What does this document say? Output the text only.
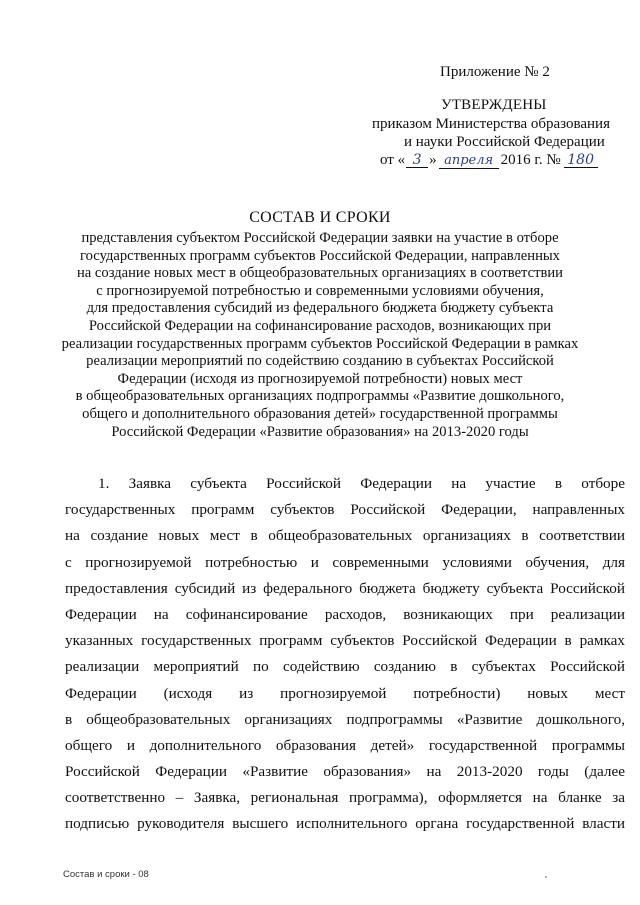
Приложение № 2
УТВЕРЖДЕНЫ
приказом Министерства образования
и науки Российской Федерации
от « 3 » апреля 2016 г. № 180
СОСТАВ И СРОКИ
представления субъектом Российской Федерации заявки на участие в отборе
государственных программ субъектов Российской Федерации, направленных
на создание новых мест в общеобразовательных организациях в соответствии
с прогнозируемой потребностью и современными условиями обучения,
для предоставления субсидий из федерального бюджета бюджету субъекта
Российской Федерации на софинансирование расходов, возникающих при
реализации государственных программ субъектов Российской Федерации в рамках
реализации мероприятий по содействию созданию в субъектах Российской
Федерации (исходя из прогнозируемой потребности) новых мест
в общеобразовательных организациях подпрограммы «Развитие дошкольного,
общего и дополнительного образования детей» государственной программы
Российской Федерации «Развитие образования» на 2013-2020 годы
1. Заявка субъекта Российской Федерации на участие в отборе
государственных программ субъектов Российской Федерации, направленных
на создание новых мест в общеобразовательных организациях в соответствии
с прогнозируемой потребностью и современными условиями обучения, для
предоставления субсидий из федерального бюджета бюджету субъекта Российской
Федерации на софинансирование расходов, возникающих при реализации
указанных государственных программ субъектов Российской Федерации в рамках
реализации мероприятий по содействию созданию в субъектах Российской
Федерации (исходя из прогнозируемой потребности) новых мест
в общеобразовательных организациях подпрограммы «Развитие дошкольного,
общего и дополнительного образования детей» государственной программы
Российской Федерации «Развитие образования» на 2013-2020 годы (далее
соответственно – Заявка, региональная программа), оформляется на бланке за
подписью руководителя высшего исполнительного органа государственной власти
Состав и сроки - 08
